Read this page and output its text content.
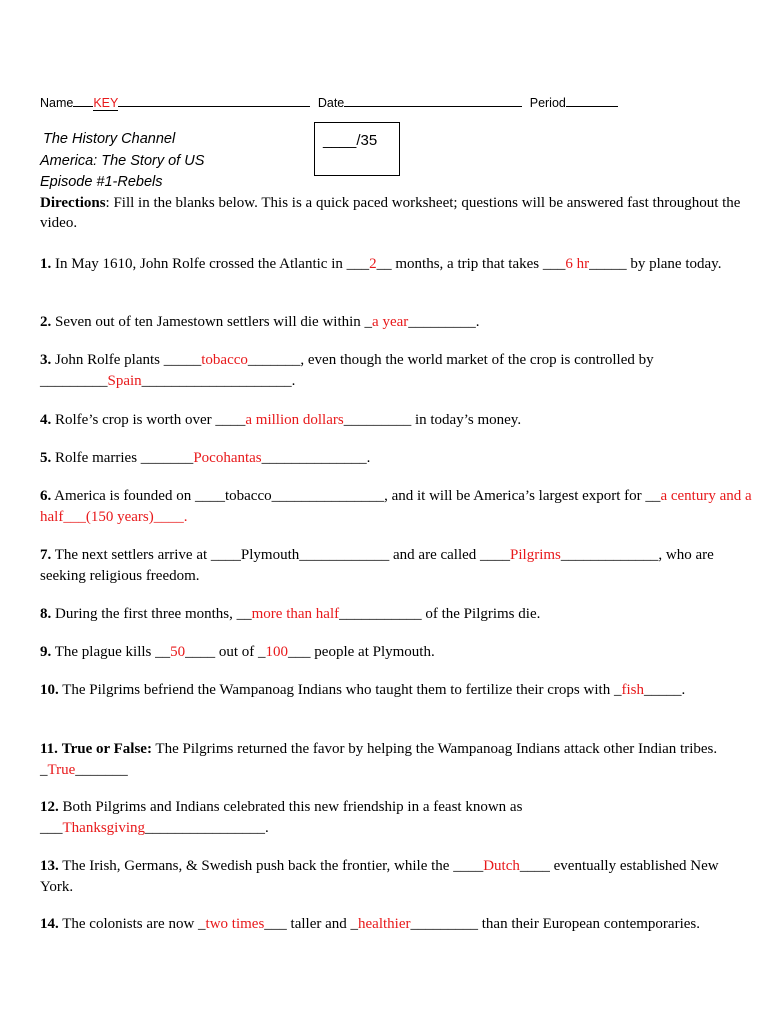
Name KEY	Date	Period
The History Channel
America: The Story of US
Episode #1-Rebels
____/35
Directions: Fill in the blanks below. This is a quick paced worksheet; questions will be answered fast throughout the video.
1. In May 1610, John Rolfe crossed the Atlantic in ___2__ months, a trip that takes ___6 hr_____ by plane today.
2. Seven out of ten Jamestown settlers will die within _a year_________.
3. John Rolfe plants _____tobacco_______, even though the world market of the crop is controlled by _________Spain____________________.
4. Rolfe’s crop is worth over ____a million dollars_________ in today’s money.
5. Rolfe marries _______Pocohantas______________.
6. America is founded on ____tobacco_______________, and it will be America’s largest export for __a century and a half___(150 years)____.
7. The next settlers arrive at ____Plymouth____________ and are called ____Pilgrims_____________, who are seeking religious freedom.
8. During the first three months, __more than half___________ of the Pilgrims die.
9. The plague kills __50____ out of _100___ people at Plymouth.
10. The Pilgrims befriend the Wampanoag Indians who taught them to fertilize their crops with _fish_____.
11. True or False: The Pilgrims returned the favor by helping the Wampanoag Indians attack other Indian tribes. _True_______
12. Both Pilgrims and Indians celebrated this new friendship in a feast known as ___Thanksgiving________________.
13. The Irish, Germans, & Swedish push back the frontier, while the ____Dutch____ eventually established New York.
14. The colonists are now _two times___ taller and _healthier_________ than their European contemporaries.
